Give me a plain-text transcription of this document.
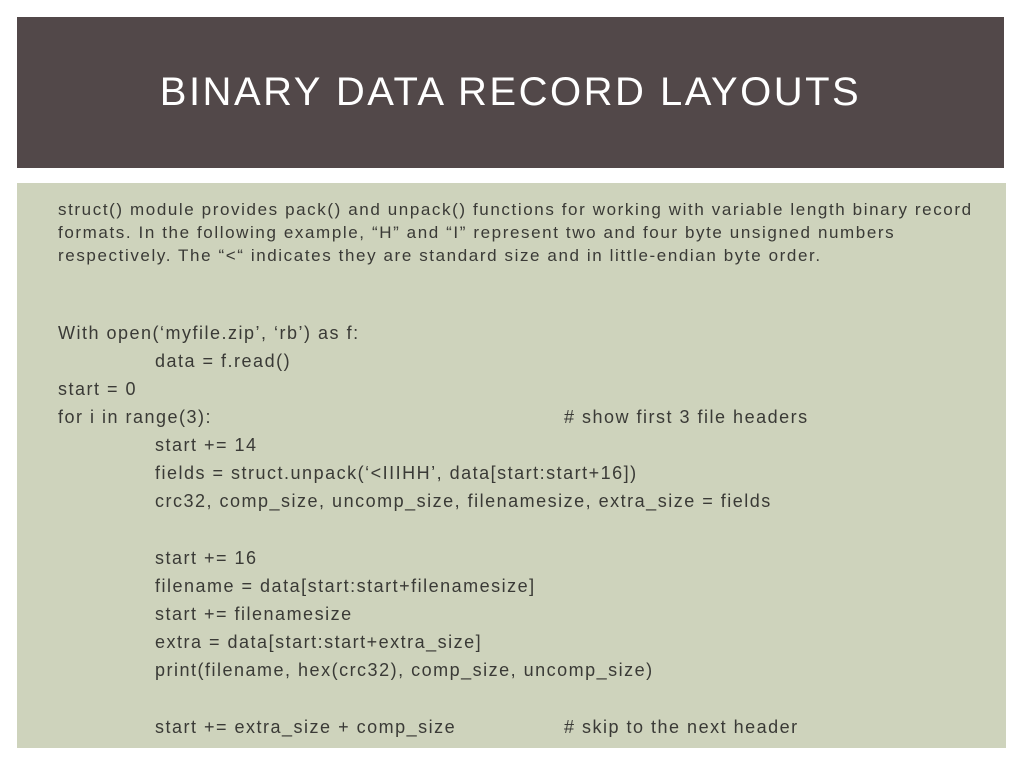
BINARY DATA RECORD LAYOUTS

struct() module provides pack() and unpack() functions for working with variable length binary record formats. In the following example, “H” and “I” represent two and four byte unsigned numbers respectively. The “<“ indicates they are standard size and in little-endian byte order.

With open(‘myfile.zip’, ‘rb’) as f:
data = f.read()
start = 0
for i in range(3):	# show first 3 file headers
start += 14
fields = struct.unpack(‘<IIIHH’, data[start:start+16])
crc32, comp_size, uncomp_size, filenamesize, extra_size = fields
start += 16
filename = data[start:start+filenamesize]
start += filenamesize
extra = data[start:start+extra_size]
print(filename, hex(crc32), comp_size, uncomp_size)
start += extra_size + comp_size	# skip to the next header
